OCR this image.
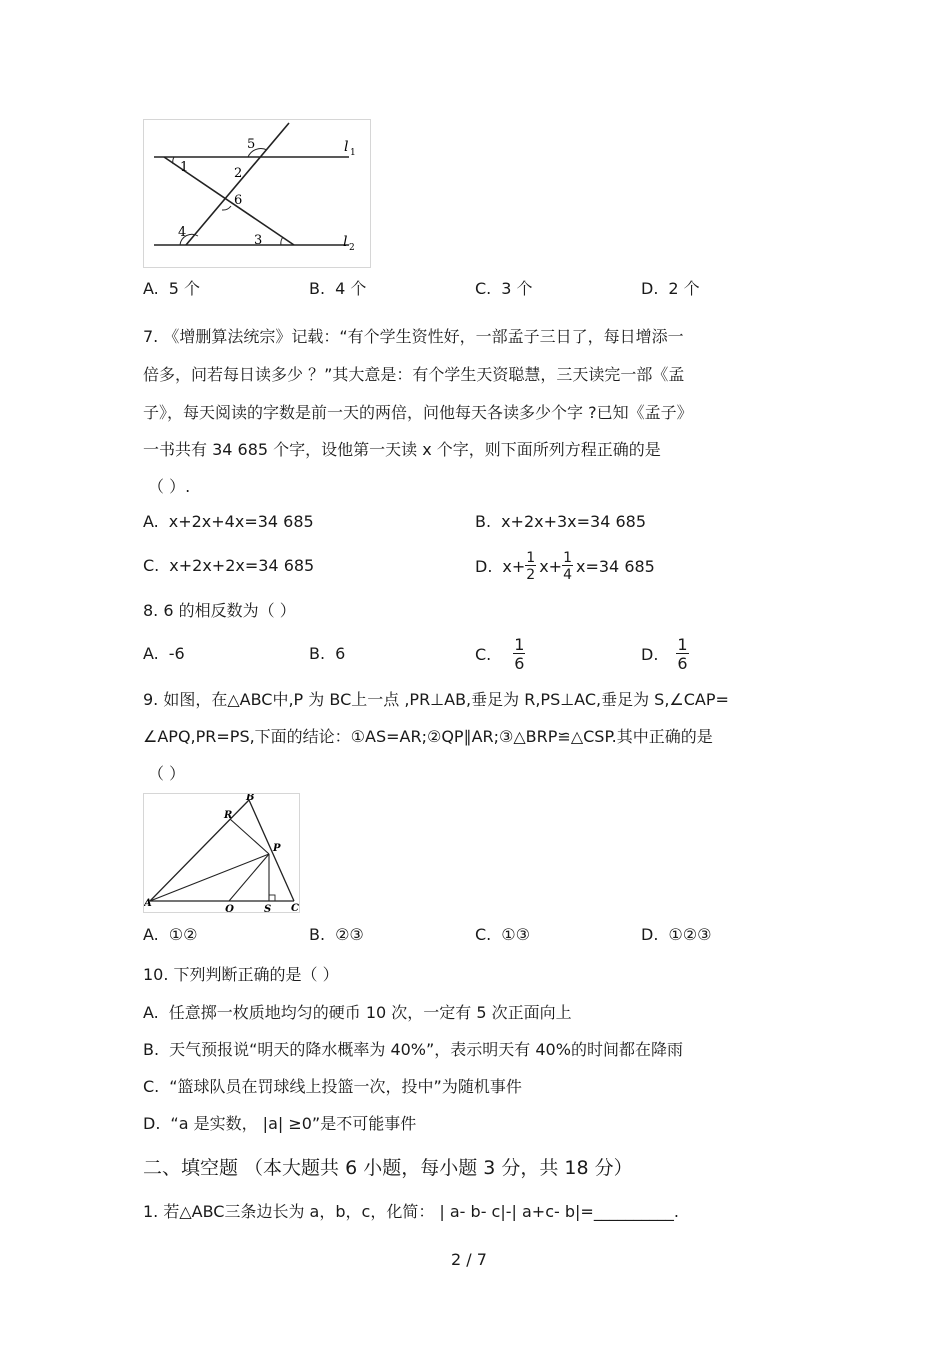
l 1
l 2
1	2
3
4
5
6
A. 5 个	B. 4 个	C. 3 个	D. 2 个
7. 《增删算法统宗》记载：“有个学生资性好，一部孟子三日了，每日增添一
倍多，问若每日读多少 ？”其大意是：有个学生天资聪慧，三天读完一部《孟
子》，每天阅读的字数是前一天的两倍，问他每天各读多少个字 ?已知《孟子》
一书共有 34 685 个字，设他第一天读 x 个字，则下面所列方程正确的是
（ ）.
A. x+2x+4x=34 685	B. x+2x+3x=34 685
C. x+2x+2x=34 685	D. $x+ \frac{1}{2} x+ \frac{1}{4} x=34$ 685
8. 6 的相反数为（ ）
A. -6	B. 6	C. $\frac{1}{6}$	D. $\frac{1}{6}$
9. 如图，在△ABC中,P 为 BC上一点 ,PR⊥AB,垂足为 R,PS⊥AC,垂足为 S,∠CAP=
∠APQ,PR=PS,下面的结论：①AS=AR;②QP∥AR;③△BRP≌△CSP.其中正确的是
（ ）
A
B
C
P
Q
R
S
A. ①②	B. ②③	C. ①③	D. ①②③
10. 下列判断正确的是（ ）
A. 任意掷一枚质地均匀的硬币 10 次，一定有 5 次正面向上
B. 天气预报说“明天的降水概率为 40%”，表示明天有 40%的时间都在降雨
C. “篮球队员在罚球线上投篮一次，投中”为随机事件
D. “a 是实数， |a| ≥0”是不可能事件
二、填空题 （本大题共 6 小题，每小题 3 分，共 18 分）
1. 若△ABC三条边长为 a，b，c，化简： | a- b- c|-| a+c- b|=__________.
2 / 7
